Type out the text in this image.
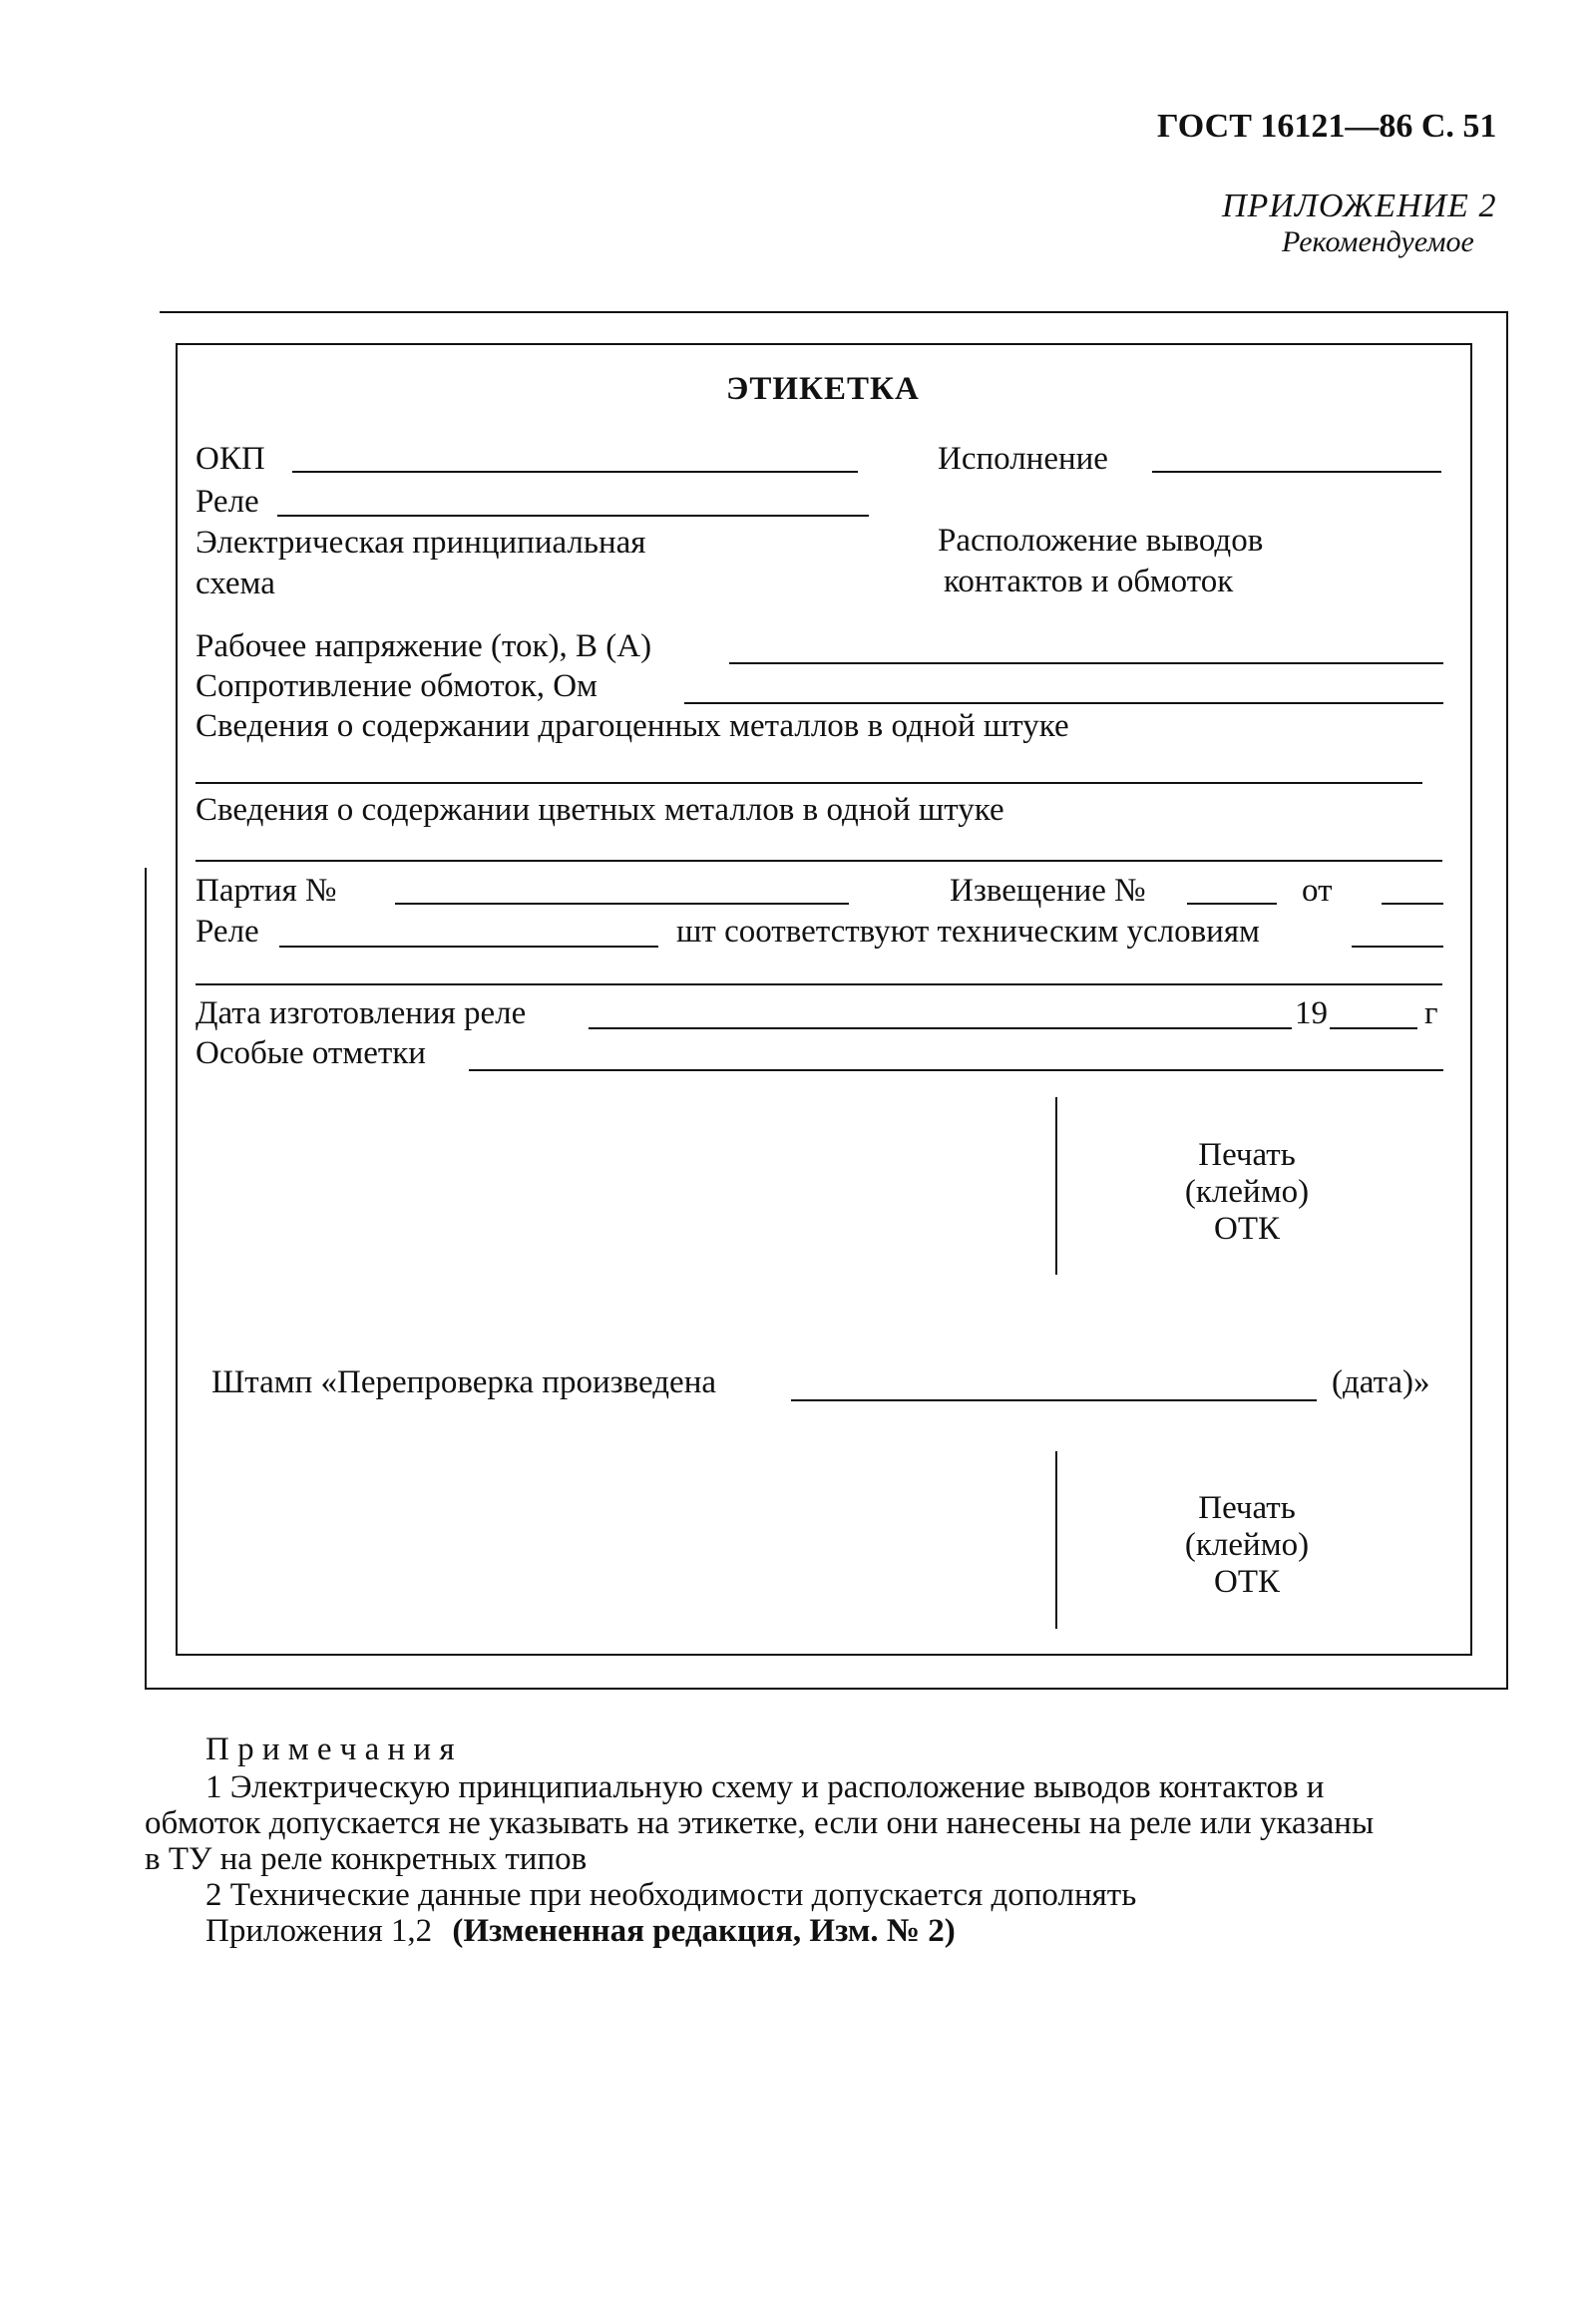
ГОСТ 16121—86 С. 51
ПРИЛОЖЕНИЕ 2
Рекомендуемое
ЭТИКЕТКА
ОКП	Исполнение
Реле
Электрическая принципиальная
схема
Расположение выводов
контактов и обмоток
Рабочее напряжение (ток), В (А)
Сопротивление обмоток, Ом
Сведения о содержании драгоценных металлов в одной штуке
Сведения о содержании цветных металлов в одной штуке
Партия №	Извещение №	от
Реле	шт соответствуют техническим условиям
Дата изготовления реле	19	г
Особые отметки
Печать
(клеймо)
ОТК
Штамп «Перепроверка произведена	(дата)»
Печать
(клеймо)
ОТК
П р и м е ч а н и я
1 Электрическую принципиальную схему и расположение выводов контактов и
обмоток допускается не указывать на этикетке, если они нанесены на реле или указаны
в ТУ на реле конкретных типов
2 Технические данные при необходимости допускается дополнять
Приложения 1,2 (Измененная редакция, Изм. № 2)
